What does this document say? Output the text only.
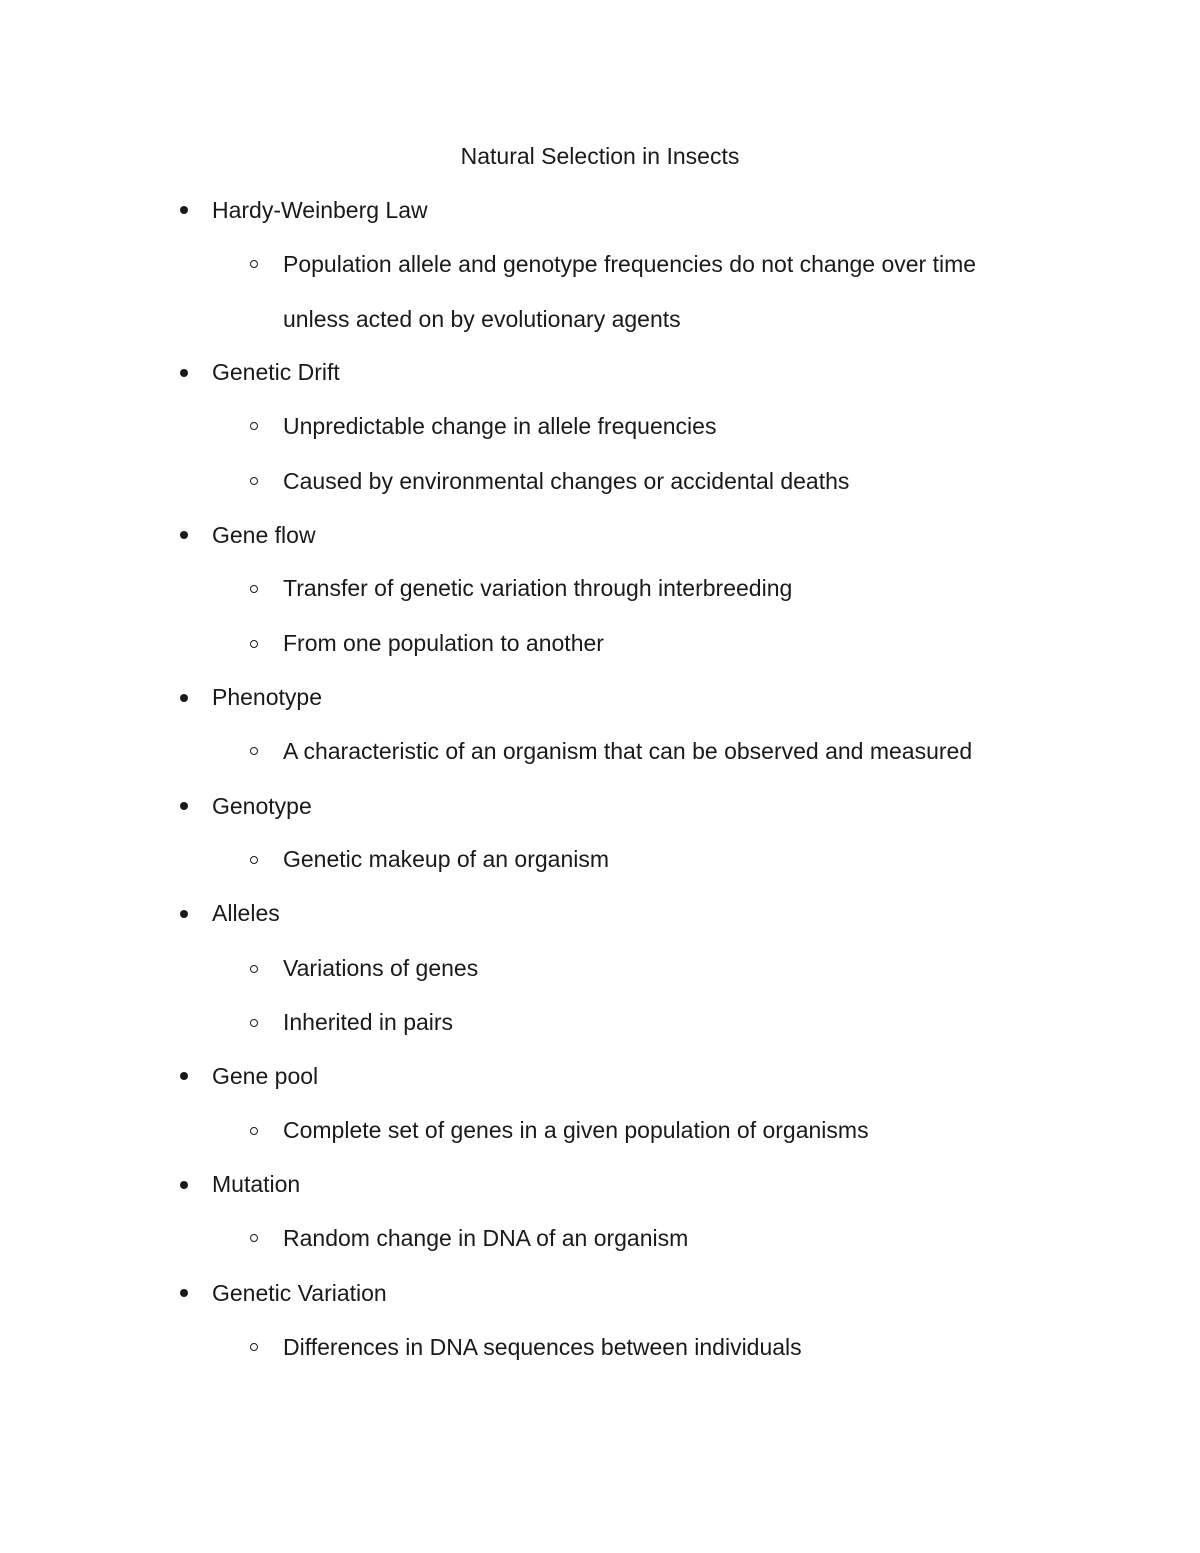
Natural Selection in Insects
Hardy-Weinberg Law
Population allele and genotype frequencies do not change over time
unless acted on by evolutionary agents
Genetic Drift
Unpredictable change in allele frequencies
Caused by environmental changes or accidental deaths
Gene flow
Transfer of genetic variation through interbreeding
From one population to another
Phenotype
A characteristic of an organism that can be observed and measured
Genotype
Genetic makeup of an organism
Alleles
Variations of genes
Inherited in pairs
Gene pool
Complete set of genes in a given population of organisms
Mutation
Random change in DNA of an organism
Genetic Variation
Differences in DNA sequences between individuals
